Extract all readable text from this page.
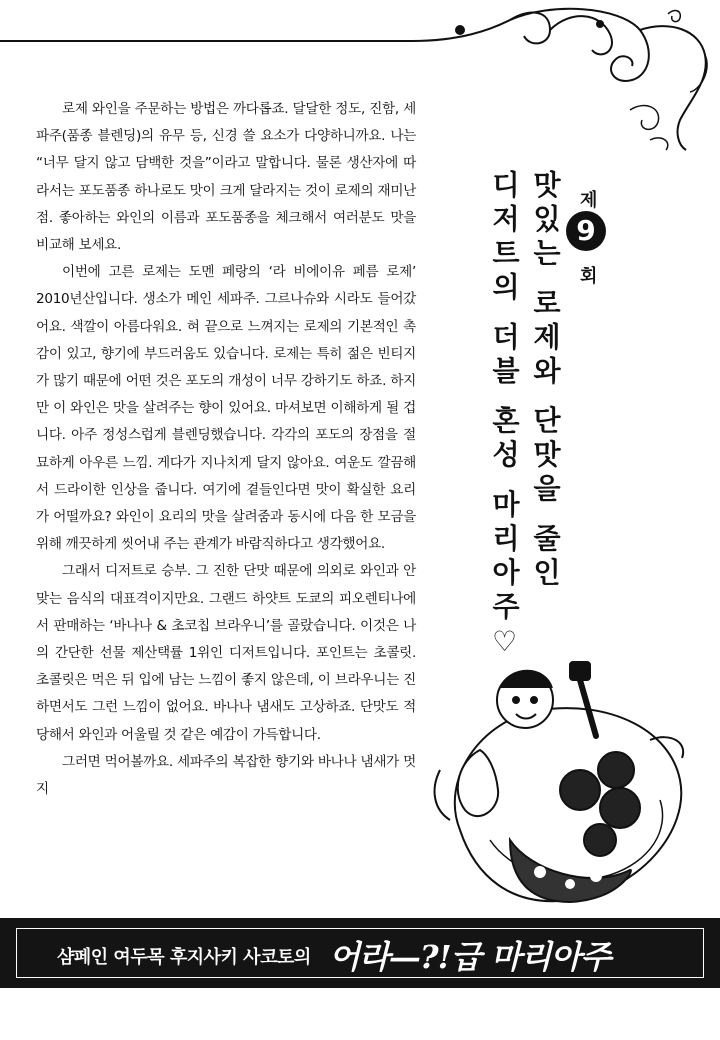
로제 와인을 주문하는 방법은 까다롭죠. 달달한 정도, 진함, 세파주(품종 블렌딩)의 유무 등, 신경 쓸 요소가 다양하니까요. 나는 “너무 달지 않고 담백한 것을”이라고 말합니다. 물론 생산자에 따라서는 포도품종 하나로도 맛이 크게 달라지는 것이 로제의 재미난 점. 좋아하는 와인의 이름과 포도품종을 체크해서 여러분도 맛을 비교해 보세요.

이번에 고른 로제는 도멘 페랑의 ‘라 비에이유 페름 로제’ 2010년산입니다. 생소가 메인 세파주. 그르나슈와 시라도 들어갔어요. 색깔이 아름다워요. 혀 끝으로 느껴지는 로제의 기본적인 촉감이 있고, 향기에 부드러움도 있습니다. 로제는 특히 젊은 빈티지가 많기 때문에 어떤 것은 포도의 개성이 너무 강하기도 하죠. 하지만 이 와인은 맛을 살려주는 향이 있어요. 마셔보면 이해하게 될 겁니다. 아주 정성스럽게 블렌딩했습니다. 각각의 포도의 장점을 절묘하게 아우른 느낌. 게다가 지나치게 달지 않아요. 여운도 깔끔해서 드라이한 인상을 줍니다. 여기에 곁들인다면 맛이 확실한 요리가 어떨까요? 와인이 요리의 맛을 살려줌과 동시에 다음 한 모금을 위해 깨끗하게 씻어내 주는 관계가 바람직하다고 생각했어요.

그래서 디저트로 승부. 그 진한 단맛 때문에 의외로 와인과 안 맞는 음식의 대표격이지만요. 그랜드 하얏트 도쿄의 피오렌티나에서 판매하는 ‘바나나 & 초코칩 브라우니’를 골랐습니다. 이것은 나의 간단한 선물 제산택률 1위인 디저트입니다. 포인트는 초콜릿. 초콜릿은 먹은 뒤 입에 남는 느낌이 좋지 않은데, 이 브라우니는 진하면서도 그런 느낌이 없어요. 바나나 냄새도 고상하죠. 단맛도 적당해서 와인과 어울릴 것 같은 예감이 가득합니다.

그러면 먹어볼까요. 세파주의 복잡한 향기와 바나나 냄새가 멋지

제
9
회
맛있는 로제와 단맛을 줄인
디저트의 더블 혼성 마리아주♡
샴페인 여두목 후지사키 사코토의 어라—?!급 마리아주
